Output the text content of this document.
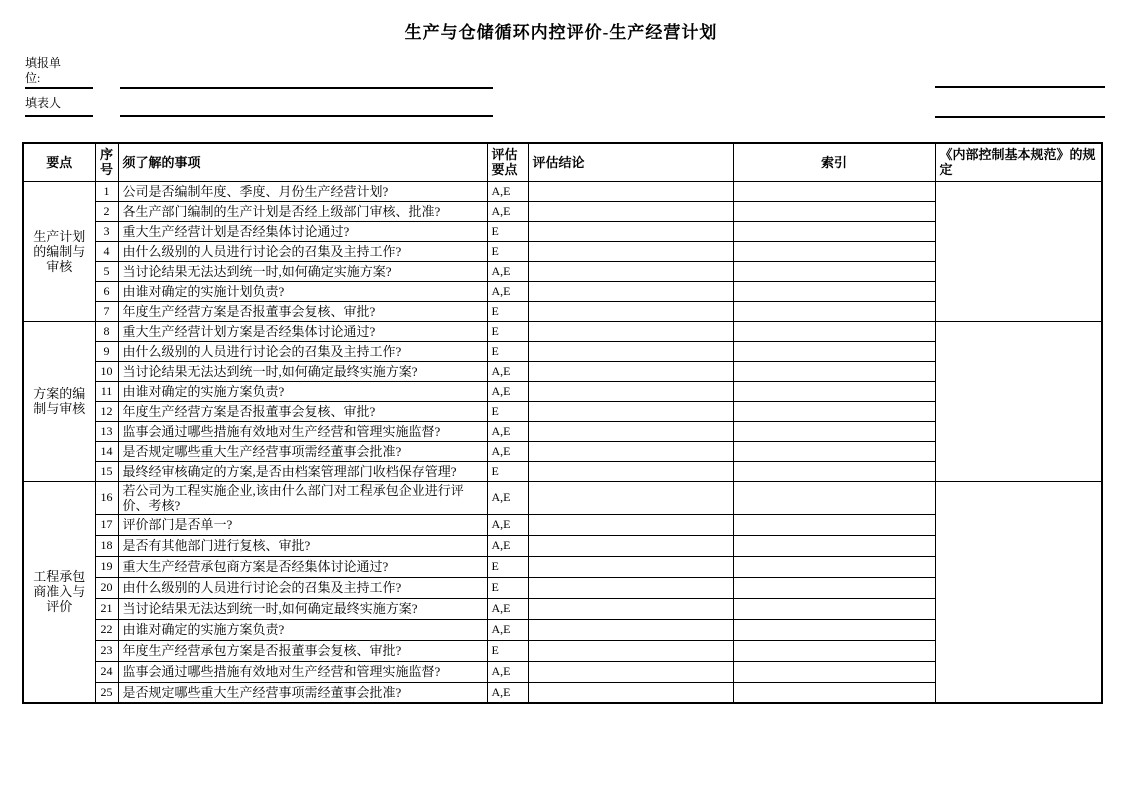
生产与仓储循环内控评价-生产经营计划
填报单位:
填表人
要点	序号	须了解的事项	评估要点	评估结论	索引	《内部控制基本规范》的规定
生产计划的编制与审核	1	公司是否编制年度、季度、月份生产经营计划?	A,E			
	2	各生产部门编制的生产计划是否经上级部门审核、批准?	A,E			
	3	重大生产经营计划是否经集体讨论通过?	E			
	4	由什么级别的人员进行讨论会的召集及主持工作?	E			
	5	当讨论结果无法达到统一时,如何确定实施方案?	A,E			
	6	由谁对确定的实施计划负责?	A,E			
	7	年度生产经营方案是否报董事会复核、审批?	E			
方案的编制与审核	8	重大生产经营计划方案是否经集体讨论通过?	E			
	9	由什么级别的人员进行讨论会的召集及主持工作?	E			
	10	当讨论结果无法达到统一时,如何确定最终实施方案?	A,E			
	11	由谁对确定的实施方案负责?	A,E			
	12	年度生产经营方案是否报董事会复核、审批?	E			
	13	监事会通过哪些措施有效地对生产经营和管理实施监督?	A,E			
	14	是否规定哪些重大生产经营事项需经董事会批准?	A,E			
	15	最终经审核确定的方案,是否由档案管理部门收档保存管理?	E			
工程承包商准入与评价	16	若公司为工程实施企业,该由什么部门对工程承包企业进行评价、考核?	A,E			
	17	评价部门是否单一?	A,E			
	18	是否有其他部门进行复核、审批?	A,E			
	19	重大生产经营承包商方案是否经集体讨论通过?	E			
	20	由什么级别的人员进行讨论会的召集及主持工作?	E			
	21	当讨论结果无法达到统一时,如何确定最终实施方案?	A,E			
	22	由谁对确定的实施方案负责?	A,E			
	23	年度生产经营承包方案是否报董事会复核、审批?	E			
	24	监事会通过哪些措施有效地对生产经营和管理实施监督?	A,E			
	25	是否规定哪些重大生产经营事项需经董事会批准?	A,E			
